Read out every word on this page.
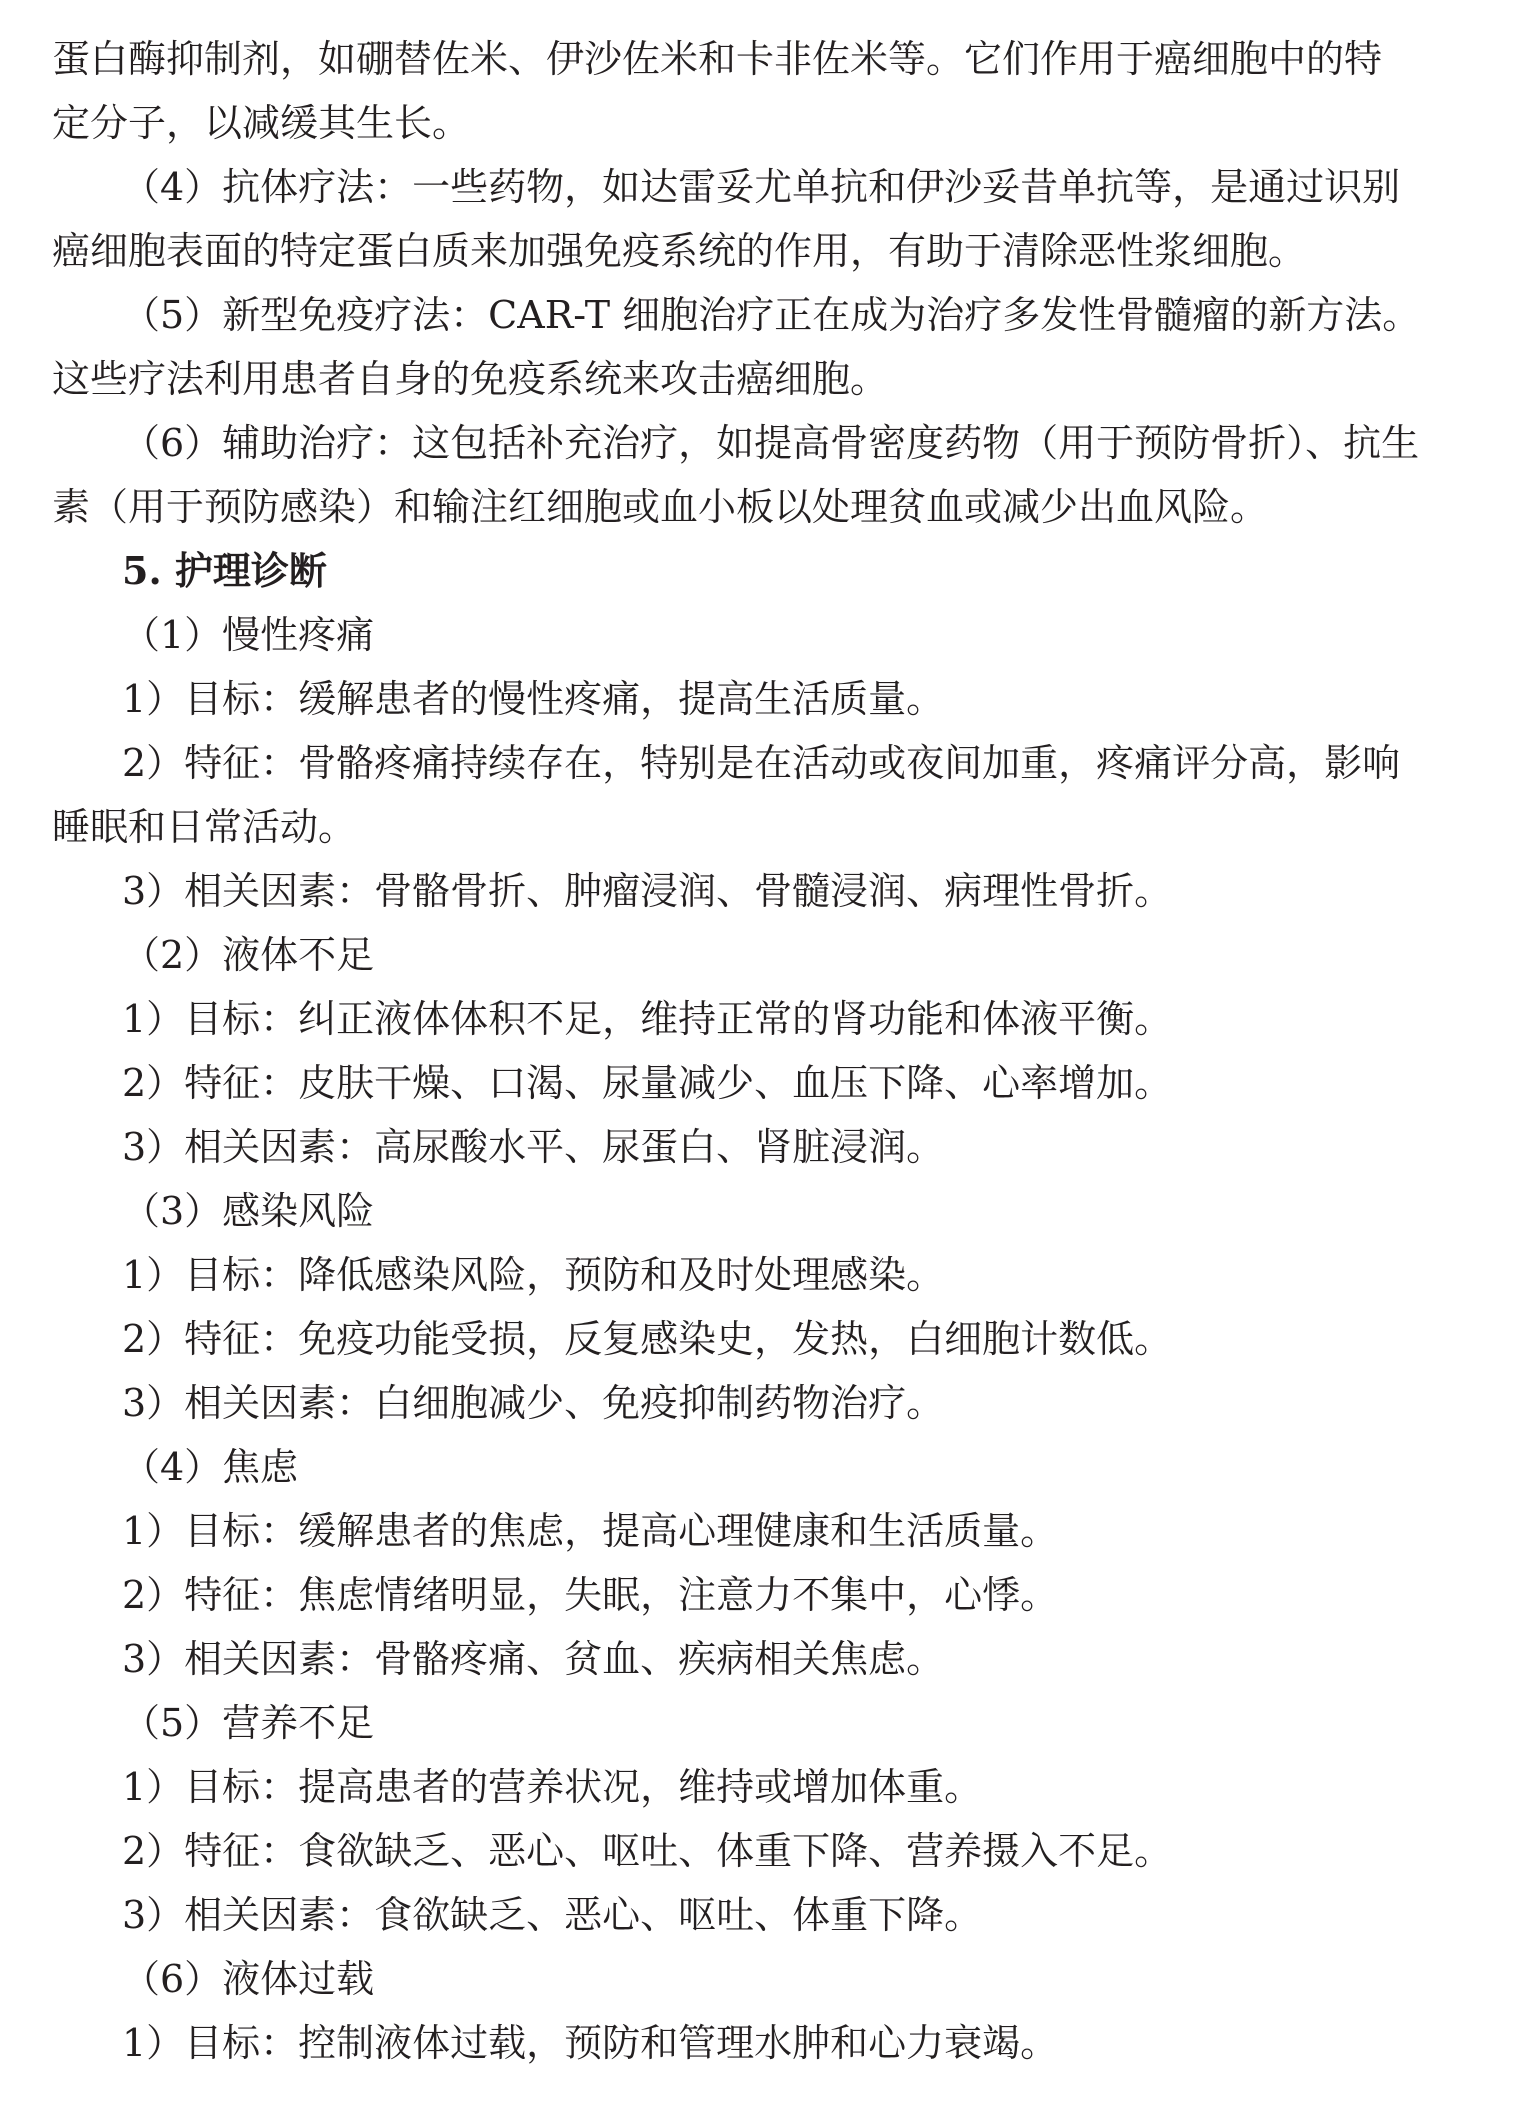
蛋白酶抑制剂，如硼替佐米、伊沙佐米和卡非佐米等。它们作用于癌细胞中的特
定分子，以减缓其生长。
（4）抗体疗法：一些药物，如达雷妥尤单抗和伊沙妥昔单抗等，是通过识别
癌细胞表面的特定蛋白质来加强免疫系统的作用，有助于清除恶性浆细胞。
（5）新型免疫疗法：CAR-T 细胞治疗正在成为治疗多发性骨髓瘤的新方法。
这些疗法利用患者自身的免疫系统来攻击癌细胞。
（6）辅助治疗：这包括补充治疗，如提高骨密度药物（用于预防骨折）、抗生
素（用于预防感染）和输注红细胞或血小板以处理贫血或减少出血风险。
5. 护理诊断
（1）慢性疼痛
1）目标：缓解患者的慢性疼痛，提高生活质量。
2）特征：骨骼疼痛持续存在，特别是在活动或夜间加重，疼痛评分高，影响
睡眠和日常活动。
3）相关因素：骨骼骨折、肿瘤浸润、骨髓浸润、病理性骨折。
（2）液体不足
1）目标：纠正液体体积不足，维持正常的肾功能和体液平衡。
2）特征：皮肤干燥、口渴、尿量减少、血压下降、心率增加。
3）相关因素：高尿酸水平、尿蛋白、肾脏浸润。
（3）感染风险
1）目标：降低感染风险，预防和及时处理感染。
2）特征：免疫功能受损，反复感染史，发热，白细胞计数低。
3）相关因素：白细胞减少、免疫抑制药物治疗。
（4）焦虑
1）目标：缓解患者的焦虑，提高心理健康和生活质量。
2）特征：焦虑情绪明显，失眠，注意力不集中，心悸。
3）相关因素：骨骼疼痛、贫血、疾病相关焦虑。
（5）营养不足
1）目标：提高患者的营养状况，维持或增加体重。
2）特征：食欲缺乏、恶心、呕吐、体重下降、营养摄入不足。
3）相关因素：食欲缺乏、恶心、呕吐、体重下降。
（6）液体过载
1）目标：控制液体过载，预防和管理水肿和心力衰竭。
